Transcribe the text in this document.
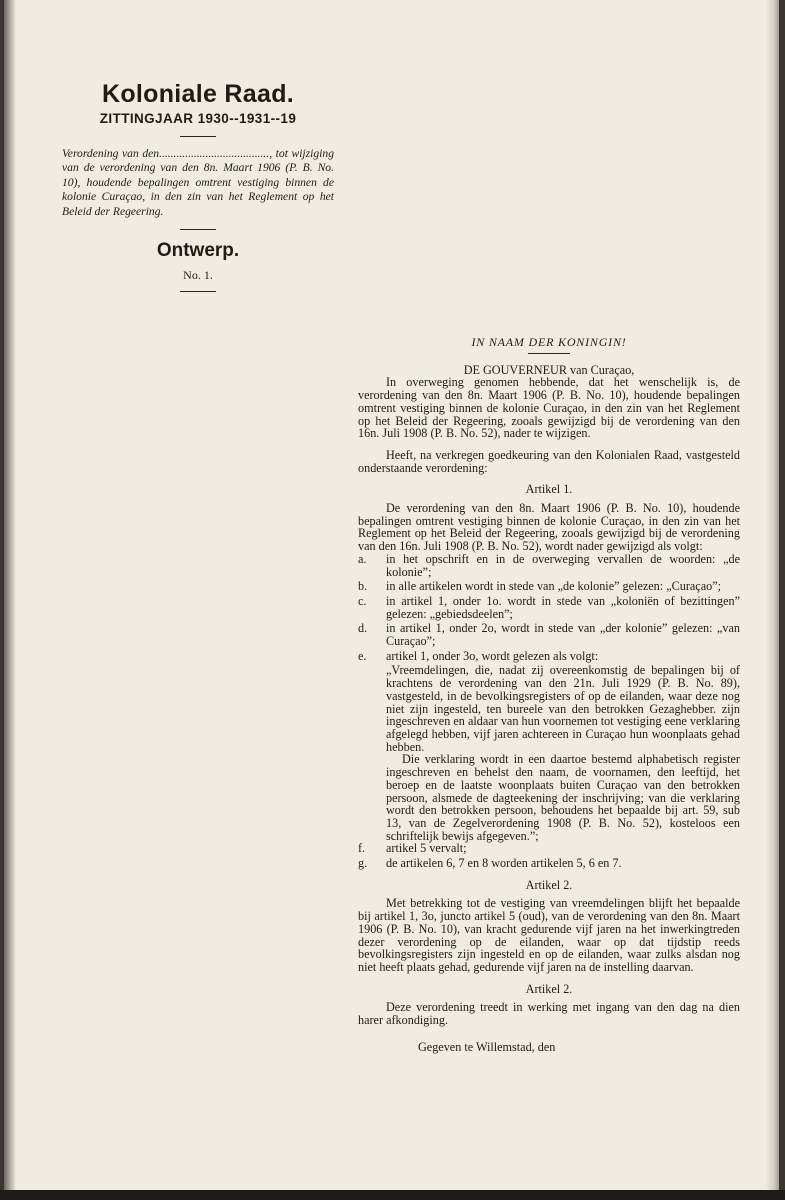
Koloniale Raad.

ZITTINGJAAR 1930--1931--19

Verordening van den......................................, tot wijziging van de verordening van den 8n. Maart 1906 (P. B. No. 10), houdende bepalingen omtrent vestiging binnen de kolonie Curaçao, in den zin van het Reglement op het Beleid der Regeering.

Ontwerp.

No. 1.

IN NAAM DER KONINGIN!

DE GOUVERNEUR van Curaçao,

In overweging genomen hebbende, dat het wenschelijk is, de verordening van den 8n. Maart 1906 (P. B. No. 10), houdende bepalingen omtrent vestiging binnen de kolonie Curaçao, in den zin van het Reglement op het Beleid der Regeering, zooals gewijzigd bij de verordening van den 16n. Juli 1908 (P. B. No. 52), nader te wijzigen.

Heeft, na verkregen goedkeuring van den Kolonialen Raad, vastgesteld onderstaande verordening:

Artikel 1.

De verordening van den 8n. Maart 1906 (P. B. No. 10), houdende bepalingen omtrent vestiging binnen de kolonie Curaçao, in den zin van het Reglement op het Beleid der Regeering, zooals gewijzigd bij de verordening van den 16n. Juli 1908 (P. B. No. 52), wordt nader gewijzigd als volgt:

a.	in het opschrift en in de overweging vervallen de woorden: „de kolonie”;
b.	in alle artikelen wordt in stede van „de kolonie” gelezen: „Curaçao”;
c.	in artikel 1, onder 1o. wordt in stede van „koloniën of bezittingen” gelezen: „gebiedsdeelen”;
d.	in artikel 1, onder 2o, wordt in stede van „der kolonie” gelezen: „van Curaçao”;
e.	artikel 1, onder 3o, wordt gelezen als volgt:

„Vreemdelingen, die, nadat zij overeenkomstig de bepalingen bij of krachtens de verordening van den 21n. Juli 1929 (P. B. No. 89), vastgesteld, in de bevolkingsregisters of op de eilanden, waar deze nog niet zijn ingesteld, ten bureele van den betrokken Gezaghebber. zijn ingeschreven en aldaar van hun voornemen tot vestiging eene verklaring afgelegd hebben, vijf jaren achtereen in Curaçao hun woonplaats gehad hebben.

Die verklaring wordt in een daartoe bestemd alphabetisch register ingeschreven en behelst den naam, de voornamen, den leeftijd, het beroep en de laatste woonplaats buiten Curaçao van den betrokken persoon, alsmede de dagteekening der inschrijving; van die verklaring wordt den betrokken persoon, behoudens het bepaalde bij art. 59, sub 13, van de Zegelverordening 1908 (P. B. No. 52), kosteloos een schriftelijk bewijs afgegeven.”;

f.	artikel 5 vervalt;
g.	de artikelen 6, 7 en 8 worden artikelen 5, 6 en 7.

Artikel 2.

Met betrekking tot de vestiging van vreemdelingen blijft het bepaalde bij artikel 1, 3o, juncto artikel 5 (oud), van de verordening van den 8n. Maart 1906 (P. B. No. 10), van kracht gedurende vijf jaren na het inwerkingtreden dezer verordening op de eilanden, waar op dat tijdstip reeds bevolkingsregisters zijn ingesteld en op de eilanden, waar zulks alsdan nog niet heeft plaats gehad, gedurende vijf jaren na de instelling daarvan.

Artikel 2.

Deze verordening treedt in werking met ingang van den dag na dien harer afkondiging.

Gegeven te Willemstad, den
